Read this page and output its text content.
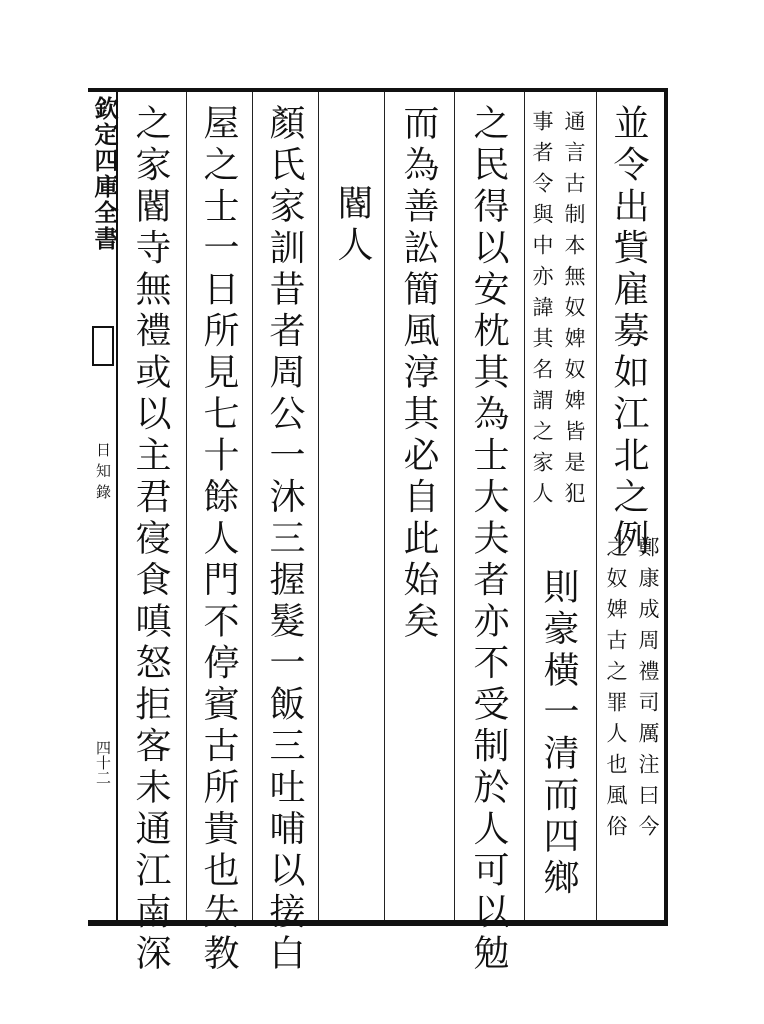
欽定四庫全書
日知錄
四十二
並令出貲雇募如江北之例
鄭康成周禮司厲注曰今
之奴婢古之罪人也風俗
通言古制本無奴婢奴婢皆是犯
事者令與中亦諱其名謂之家人
則豪橫一清而四鄉
之民得以安枕其為士大夫者亦不受制於人可以勉
而為善訟簡風淳其必自此始矣
閽人
顏氏家訓昔者周公一沐三握髮一飯三吐哺以接白
屋之士一日所見七十餘人門不停賓古所貴也失教
之家閽寺無禮或以主君寑食嗔怒拒客未通江南深
